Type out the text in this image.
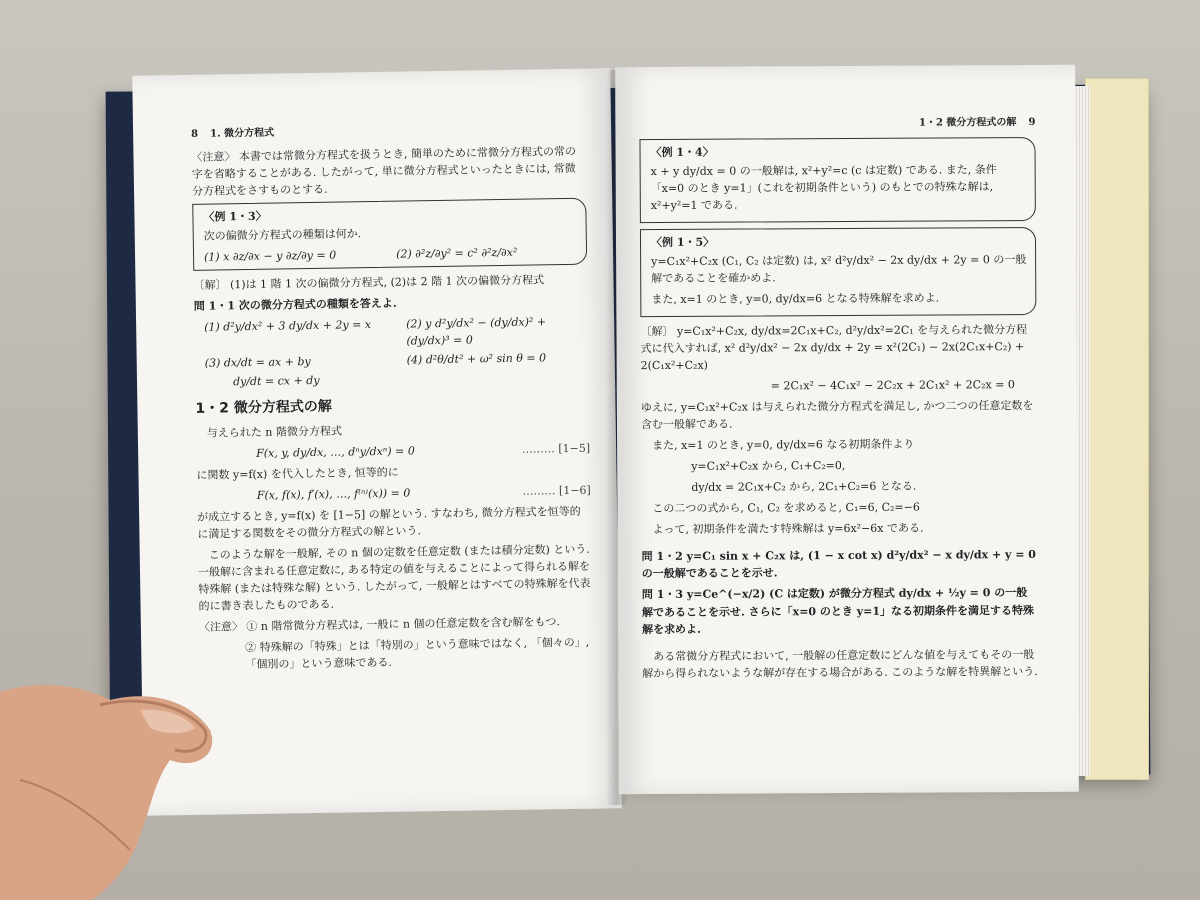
8 1. 微分方程式

〈注意〉 本書では常微分方程式を扱うとき, 簡単のために常微分方程式の常の字を省略することがある. したがって, 単に微分方程式といったときには, 常微分方程式をさすものとする.

〈例 1・3〉

次の偏微分方程式の種類は何か.

(1) x ∂z/∂x − y ∂z/∂y = 0	(2) ∂²z/∂y² = c² ∂²z/∂x²

〔解〕 (1)は 1 階 1 次の偏微分方程式, (2)は 2 階 1 次の偏微分方程式

問 1・1 次の微分方程式の種類を答えよ.

(1) d²y/dx² + 3 dy/dx + 2y = x	(2) y d²y/dx² − (dy/dx)² + (dy/dx)³ = 0
(3) dx/dt = ax + by	(4) d²θ/dt² + ω² sin θ = 0
dy/dt = cx + dy
1・2 微分方程式の解

与えられた n 階微分方程式

F(x, y, dy/dx, …, dⁿy/dxⁿ) = 0	……… [1−5]

に関数 y=f(x) を代入したとき, 恒等的に

F(x, f(x), f′(x), …, f⁽ⁿ⁾(x)) = 0	……… [1−6]

が成立するとき, y=f(x) を [1−5] の解という. すなわち, 微分方程式を恒等的に満足する関数をその微分方程式の解という.

このような解を一般解, その n 個の定数を任意定数 (または積分定数) という. 一般解に含まれる任意定数に, ある特定の値を与えることによって得られる解を特殊解 (または特殊な解) という. したがって, 一般解とはすべての特殊解を代表的に書き表したものである.

〈注意〉 ① n 階常微分方程式は, 一般に n 個の任意定数を含む解をもつ.

② 特殊解の「特殊」とは「特別の」という意味ではなく, 「個々の」, 「個別の」という意味である.

1・2 微分方程式の解 9
〈例 1・4〉

x + y dy/dx = 0 の一般解は, x²+y²=c (c は定数) である. また, 条件「x=0 のとき y=1」(これを初期条件という) のもとでの特殊な解は, x²+y²=1 である.

〈例 1・5〉

y=C₁x²+C₂x (C₁, C₂ は定数) は, x² d²y/dx² − 2x dy/dx + 2y = 0 の一般解であることを確かめよ.

また, x=1 のとき, y=0, dy/dx=6 となる特殊解を求めよ.

〔解〕 y=C₁x²+C₂x, dy/dx=2C₁x+C₂, d²y/dx²=2C₁ を与えられた微分方程式に代入すれば, x² d²y/dx² − 2x dy/dx + 2y = x²(2C₁) − 2x(2C₁x+C₂) + 2(C₁x²+C₂x)

= 2C₁x² − 4C₁x² − 2C₂x + 2C₁x² + 2C₂x = 0

ゆえに, y=C₁x²+C₂x は与えられた微分方程式を満足し, かつ二つの任意定数を含む一般解である.

また, x=1 のとき, y=0, dy/dx=6 なる初期条件より

y=C₁x²+C₂x から, C₁+C₂=0,

dy/dx = 2C₁x+C₂ から, 2C₁+C₂=6 となる.

この二つの式から, C₁, C₂ を求めると, C₁=6, C₂=−6

よって, 初期条件を満たす特殊解は y=6x²−6x である.

問 1・2 y=C₁ sin x + C₂x は, (1 − x cot x) d²y/dx² − x dy/dx + y = 0 の一般解であることを示せ.

問 1・3 y=Ce^(−x/2) (C は定数) が微分方程式 dy/dx + ½y = 0 の一般解であることを示せ. さらに「x=0 のとき y=1」なる初期条件を満足する特殊解を求めよ.

ある常微分方程式において, 一般解の任意定数にどんな値を与えてもその一般解から得られないような解が存在する場合がある. このような解を特異解という.
